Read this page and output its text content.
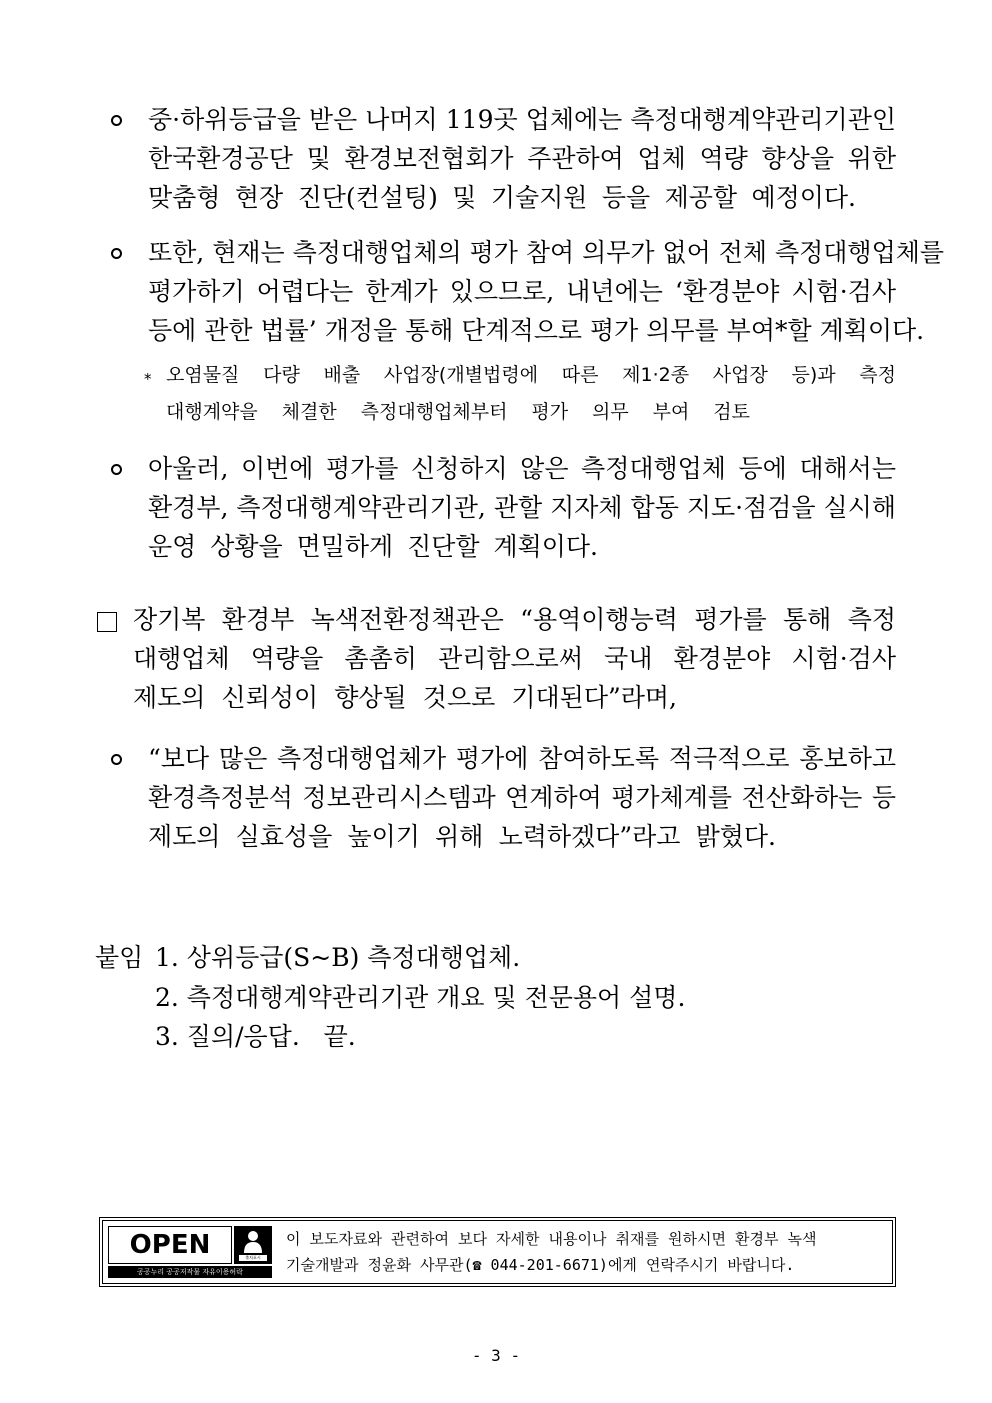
중·하위등급을 받은 나머지 119곳 업체에는 측정대행계약관리기관인
한국환경공단 및 환경보전협회가 주관하여 업체 역량 향상을 위한
맞춤형 현장 진단(컨설팅) 및 기술지원 등을 제공할 예정이다.
또한, 현재는 측정대행업체의 평가 참여 의무가 없어 전체 측정대행업체를
평가하기 어렵다는 한계가 있으므로, 내년에는 ‘환경분야 시험·검사
등에 관한 법률’ 개정을 통해 단계적으로 평가 의무를 부여*할 계획이다.
* 오염물질 다량 배출 사업장(개별법령에 따른 제1·2종 사업장 등)과 측정
대행계약을 체결한 측정대행업체부터 평가 의무 부여 검토
아울러, 이번에 평가를 신청하지 않은 측정대행업체 등에 대해서는
환경부, 측정대행계약관리기관, 관할 지자체 합동 지도·점검을 실시해
운영 상황을 면밀하게 진단할 계획이다.
장기복 환경부 녹색전환정책관은 “용역이행능력 평가를 통해 측정
대행업체 역량을 촘촘히 관리함으로써 국내 환경분야 시험·검사
제도의 신뢰성이 향상될 것으로 기대된다”라며,
“보다 많은 측정대행업체가 평가에 참여하도록 적극적으로 홍보하고
환경측정분석 정보관리시스템과 연계하여 평가체계를 전산화하는 등
제도의 실효성을 높이기 위해 노력하겠다”라고 밝혔다.
붙임 1. 상위등급(S~B) 측정대행업체.
2. 측정대행계약관리기관 개요 및 전문용어 설명.
3. 질의/응답.   끝.
OPEN	출처표시
공공누리 공공저작물 자유이용허락
이 보도자료와 관련하여 보다 자세한 내용이나 취재를 원하시면 환경부 녹색
기술개발과 정윤화 사무관(☎ 044-201-6671)에게 연락주시기 바랍니다.
- 3 -
